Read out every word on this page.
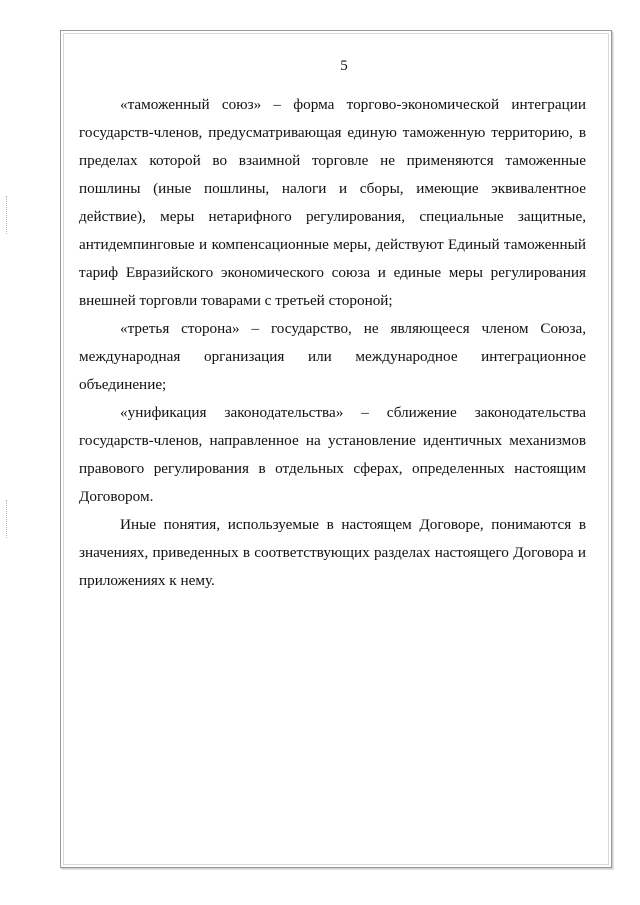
5

«таможенный союз» – форма торгово-экономической интеграции государств-членов, предусматривающая единую таможенную территорию, в пределах которой во взаимной торговле не применяются таможенные пошлины (иные пошлины, налоги и сборы, имеющие эквивалентное действие), меры нетарифного регулирования, специальные защитные, антидемпинговые и компенсационные меры, действуют Единый таможенный тариф Евразийского экономического союза и единые меры регулирования внешней торговли товарами с третьей стороной;

«третья сторона» – государство, не являющееся членом Союза, международная организация или международное интеграционное объединение;

«унификация законодательства» – сближение законодательства государств-членов, направленное на установление идентичных механизмов правового регулирования в отдельных сферах, определенных настоящим Договором.

Иные понятия, используемые в настоящем Договоре, понимаются в значениях, приведенных в соответствующих разделах настоящего Договора и приложениях к нему.
